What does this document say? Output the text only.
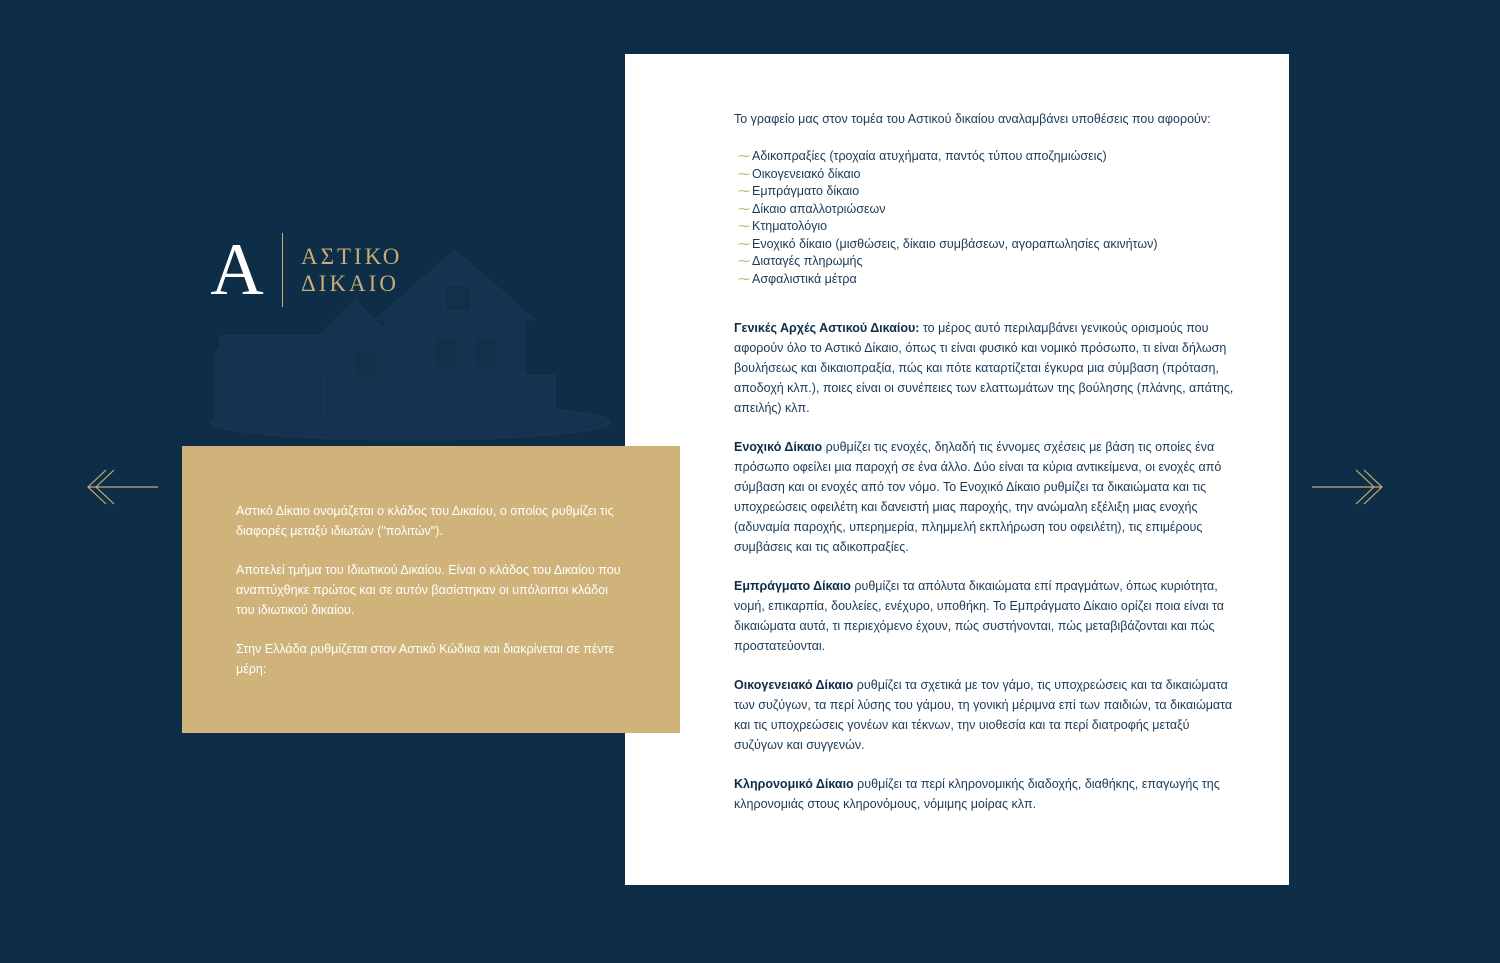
A ΑΣΤΙΚΟ
ΔΙΚΑΙΟ

Αστικό Δίκαιο ονομάζεται ο κλάδος του Δικαίου, ο οποίος ρυθμίζει τις διαφορές μεταξύ ιδιωτών ("πολιτών").

Αποτελεί τμήμα του Ιδιωτικού Δικαίου. Είναι ο κλάδος του Δικαίου που αναπτύχθηκε πρώτος και σε αυτόν βασίστηκαν οι υπόλοιποι κλάδοι του ιδιωτικού δικαίου.

Στην Ελλάδα ρυθμίζεται στον Αστικό Κώδικα και διακρίνεται σε πέντε μέρη:

Το γραφείο μας στον τομέα του Αστικού δικαίου αναλαμβάνει υποθέσεις που αφορούν:

⁓ Αδικοπραξίες (τροχαία ατυχήματα, παντός τύπου αποζημιώσεις)
⁓ Οικογενειακό δίκαιο
⁓ Εμπράγματο δίκαιο
⁓ Δίκαιο απαλλοτριώσεων
⁓ Κτηματολόγιο
⁓ Ενοχικό δίκαιο (μισθώσεις, δίκαιο συμβάσεων, αγοραπωλησίες ακινήτων)
⁓ Διαταγές πληρωμής
⁓ Ασφαλιστικά μέτρα

Γενικές Αρχές Αστικού Δικαίου: το μέρος αυτό περιλαμβάνει γενικούς ορισμούς που αφορούν όλο το Αστικό Δίκαιο, όπως τι είναι φυσικό και νομικό πρόσωπο, τι είναι δήλωση βουλήσεως και δικαιοπραξία, πώς και πότε καταρτίζεται έγκυρα μια σύμβαση (πρόταση, αποδοχή κλπ.), ποιες είναι οι συνέπειες των ελαττωμάτων της βούλησης (πλάνης, απάτης, απειλής) κλπ.

Ενοχικό Δίκαιο ρυθμίζει τις ενοχές, δηλαδή τις έννομες σχέσεις με βάση τις οποίες ένα πρόσωπο οφείλει μια παροχή σε ένα άλλο. Δύο είναι τα κύρια αντικείμενα, οι ενοχές από σύμβαση και οι ενοχές από τον νόμο. Το Ενοχικό Δίκαιο ρυθμίζει τα δικαιώματα και τις υποχρεώσεις οφειλέτη και δανειστή μιας παροχής, την ανώμαλη εξέλιξη μιας ενοχής (αδυναμία παροχής, υπερημερία, πλημμελή εκπλήρωση του οφειλέτη), τις επιμέρους συμβάσεις και τις αδικοπραξίες.

Εμπράγματο Δίκαιο ρυθμίζει τα απόλυτα δικαιώματα επί πραγμάτων, όπως κυριότητα, νομή, επικαρπία, δουλείες, ενέχυρο, υποθήκη. Το Εμπράγματο Δίκαιο ορίζει ποια είναι τα δικαιώματα αυτά, τι περιεχόμενο έχουν, πώς συστήνονται, πώς μεταβιβάζονται και πώς προστατεύονται.

Οικογενειακό Δίκαιο ρυθμίζει τα σχετικά με τον γάμο, τις υποχρεώσεις και τα δικαιώματα των συζύγων, τα περί λύσης του γάμου, τη γονική μέριμνα επί των παιδιών, τα δικαιώματα και τις υποχρεώσεις γονέων και τέκνων, την υιοθεσία και τα περί διατροφής μεταξύ συζύγων και συγγενών.

Κληρονομικό Δίκαιο ρυθμίζει τα περί κληρονομικής διαδοχής, διαθήκης, επαγωγής της κληρονομιάς στους κληρονόμους, νόμιμης μοίρας κλπ.
